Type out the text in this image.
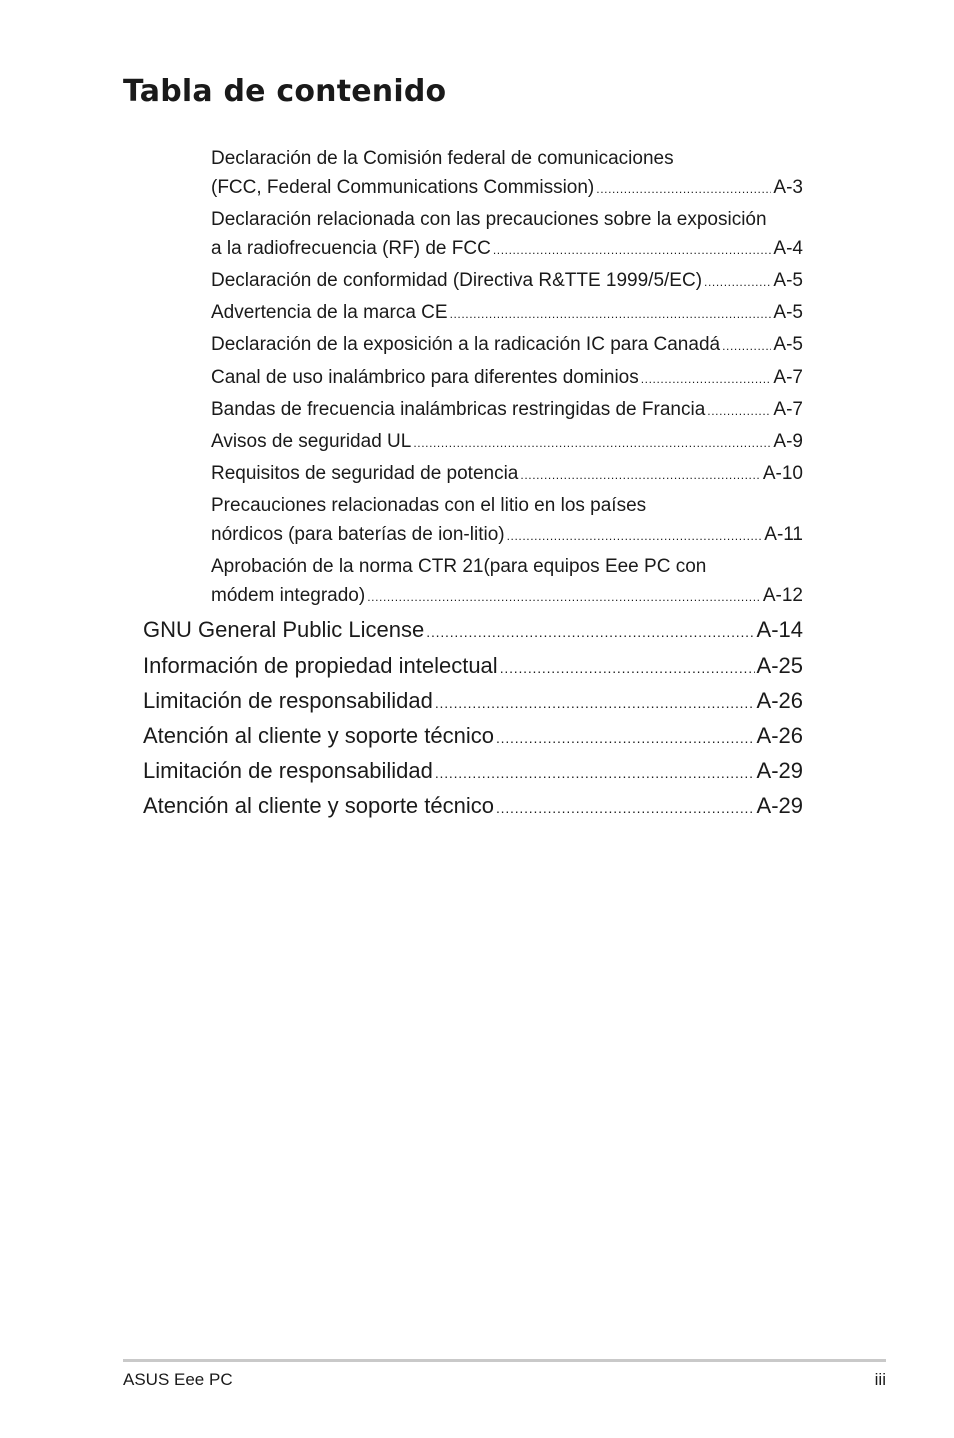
Tabla de contenido
Declaración de la Comisión federal de comunicaciones
(FCC, Federal Communications Commission) .....	A-3
Declaración relacionada con las precauciones sobre la exposición
a la radiofrecuencia (RF) de FCC .....	A-4
Declaración de conformidad (Directiva R&TTE 1999/5/EC) .....	A-5
Advertencia de la marca CE .....	A-5
Declaración de la exposición a la radicación IC para Canadá .....	A-5
Canal de uso inalámbrico para diferentes dominios .....	A-7
Bandas de frecuencia inalámbricas restringidas de Francia .....	A-7
Avisos de seguridad UL .....	A-9
Requisitos de seguridad de potencia .....	A-10
Precauciones relacionadas con el litio en los países
nórdicos (para baterías de ion-litio) .....	A-11
Aprobación de la norma CTR 21(para equipos Eee PC con
módem integrado) .....	A-12
GNU General Public License .....	A-14
Información de propiedad intelectual .....	A-25
Limitación de responsabilidad .....	A-26
Atención al cliente y soporte técnico .....	A-26
Limitación de responsabilidad .....	A-29
Atención al cliente y soporte técnico .....	A-29
ASUS Eee PC	iii
